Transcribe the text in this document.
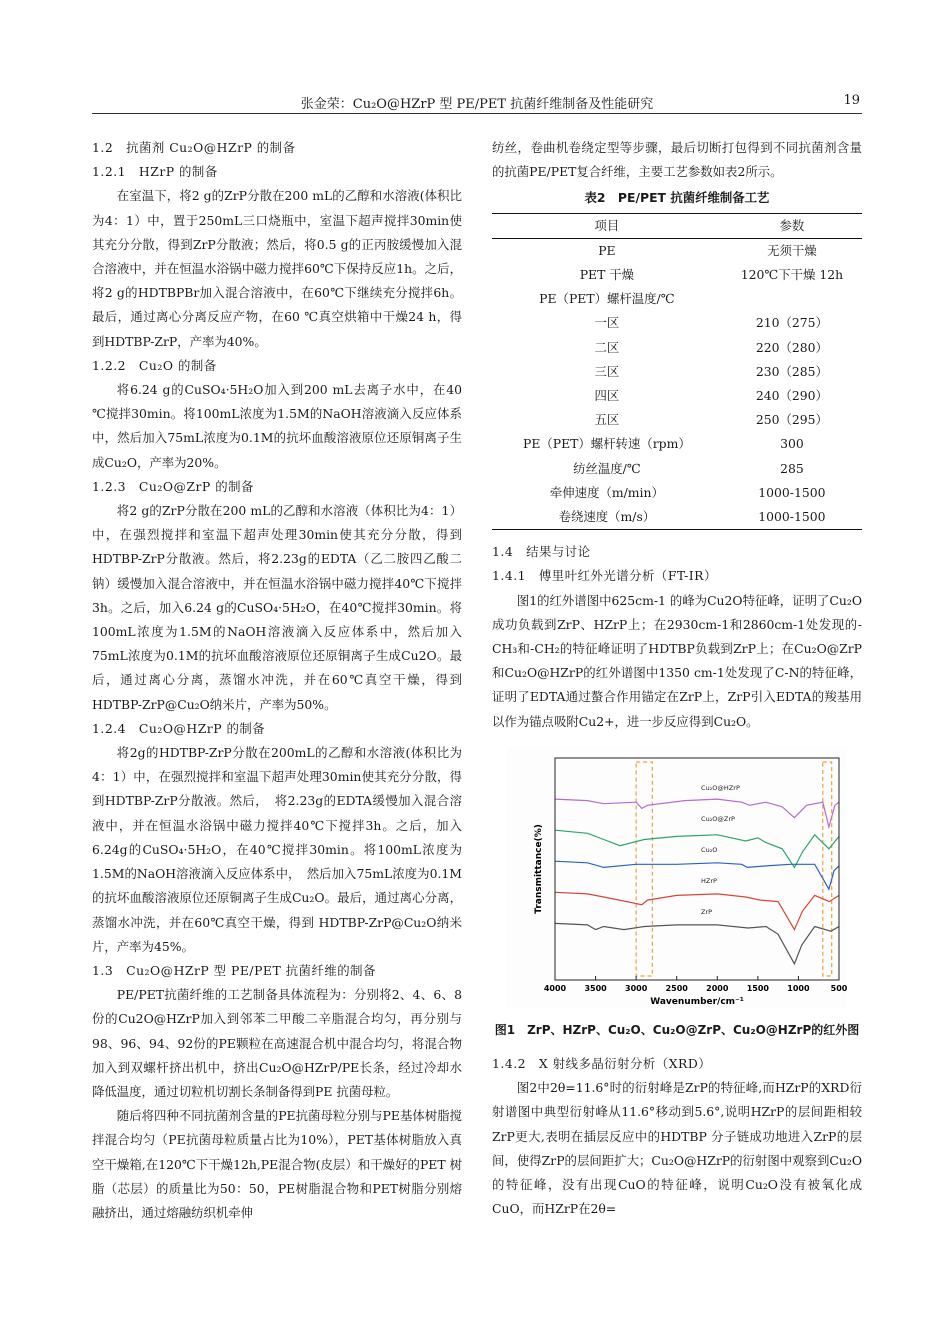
张金荣：Cu₂O@HZrP 型 PE/PET 抗菌纤维制备及性能研究	19
1.2　抗菌剂 Cu₂O@HZrP 的制备
1.2.1　HZrP 的制备

在室温下，将2 g的ZrP分散在200 mL的乙醇和水溶液(体积比为4：1）中，置于250mL三口烧瓶中，室温下超声搅拌30min使其充分分散，得到ZrP分散液；然后，将0.5 g的正丙胺缓慢加入混合溶液中，并在恒温水浴锅中磁力搅拌60℃下保持反应1h。之后，将2 g的HDTBPBr加入混合溶液中，在60℃下继续充分搅拌6h。最后，通过离心分离反应产物，在60 ℃真空烘箱中干燥24 h，得到HDTBP-ZrP，产率为40%。

1.2.2　Cu₂O 的制备

将6.24 g的CuSO₄·5H₂O加入到200 mL去离子水中，在40 ℃搅拌30min。将100mL浓度为1.5M的NaOH溶液滴入反应体系中，然后加入75mL浓度为0.1M的抗坏血酸溶液原位还原铜离子生成Cu₂O，产率为20%。

1.2.3　Cu₂O@ZrP 的制备

将2 g的ZrP分散在200 mL的乙醇和水溶液（体积比为4：1）中，在强烈搅拌和室温下超声处理30min使其充分分散，得到HDTBP-ZrP分散液。然后，将2.23g的EDTA（乙二胺四乙酸二钠）缓慢加入混合溶液中，并在恒温水浴锅中磁力搅拌40℃下搅拌3h。之后，加入6.24 g的CuSO₄·5H₂O，在40℃搅拌30min。将100mL浓度为1.5M的NaOH溶液滴入反应体系中，然后加入75mL浓度为0.1M的抗坏血酸溶液原位还原铜离子生成Cu2O。最后，通过离心分离，蒸馏水冲洗，并在60℃真空干燥，得到HDTBP-ZrP@Cu₂O纳米片，产率为50%。

1.2.4　Cu₂O@HZrP 的制备

将2g的HDTBP-ZrP分散在200mL的乙醇和水溶液(体积比为4：1）中，在强烈搅拌和室温下超声处理30min使其充分分散，得到HDTBP-ZrP分散液。然后，　将2.23g的EDTA缓慢加入混合溶液中，并在恒温水浴锅中磁力搅拌40℃下搅拌3h。之后，加入6.24g的CuSO₄·5H₂O，在40℃搅拌30min。将100mL浓度为1.5M的NaOH溶液滴入反应体系中，　然后加入75mL浓度为0.1M的抗坏血酸溶液原位还原铜离子生成Cu₂O。最后，通过离心分离，蒸馏水冲洗，并在60℃真空干燥，得到 HDTBP-ZrP@Cu₂O纳米片，产率为45%。

1.3　Cu₂O@HZrP 型 PE/PET 抗菌纤维的制备

PE/PET抗菌纤维的工艺制备具体流程为：分别将2、4、6、8份的Cu2O@HZrP加入到邻苯二甲酸二辛脂混合均匀，再分别与98、96、94、92份的PE颗粒在高速混合机中混合均匀，将混合物加入到双螺杆挤出机中，挤出Cu₂O@HZrP/PE长条，经过冷却水降低温度，通过切粒机切割长条制备得到PE 抗菌母粒。

随后将四种不同抗菌剂含量的PE抗菌母粒分别与PE基体树脂搅拌混合均匀（PE抗菌母粒质量占比为10%），PET基体树脂放入真空干燥箱,在120℃下干燥12h,PE混合物(皮层）和干燥好的PET 树脂（芯层）的质量比为50：50，PE树脂混合物和PET树脂分别熔融挤出，通过熔融纺织机牵伸

纺丝，卷曲机卷绕定型等步骤，最后切断打包得到不同抗菌剂含量的抗菌PE/PET复合纤维，主要工艺参数如表2所示。

表2　PE/PET 抗菌纤维制备工艺
项目	参数
PE	无须干燥
PET 干燥	120℃下干燥 12h
PE（PET）螺杆温度/℃	
一区	210（275）
二区	220（280）
三区	230（285）
四区	240（290）
五区	250（295）
PE（PET）螺杆转速（rpm）	300
纺丝温度/℃	285
牵伸速度（m/min）	1000-1500
卷绕速度（m/s）	1000-1500
1.4　结果与讨论
1.4.1　傅里叶红外光谱分析（FT-IR）

图1的红外谱图中625cm-1 的峰为Cu2O特征峰，证明了Cu₂O成功负载到ZrP、HZrP上；在2930cm-1和2860cm-1处发现的-CH₃和-CH₂的特征峰证明了HDTBP负载到ZrP上；在Cu₂O@ZrP和Cu₂O@HZrP的红外谱图中1350 cm-1处发现了C-N的特征峰，证明了EDTA通过螯合作用锚定在ZrP上，ZrP引入EDTA的羧基用以作为锚点吸附Cu2+，进一步反应得到Cu₂O。

4000 3500 3000 2500 2000 1500 1000	500
Cu₂O@HZrP
Cu₂O@ZrP
Cu₂O
HZrP
ZrP
Wavenumber/cm⁻¹
Transmittance(%)
图1　ZrP、HZrP、Cu₂O、Cu₂O@ZrP、Cu₂O@HZrP的红外图
1.4.2　X 射线多晶衍射分析（XRD）

图2中2θ=11.6°时的衍射峰是ZrP的特征峰,而HZrP的XRD衍射谱图中典型衍射峰从11.6°移动到5.6°,说明HZrP的层间距相较ZrP更大,表明在插层反应中的HDTBP 分子链成功地进入ZrP的层间，使得ZrP的层间距扩大；Cu₂O@HZrP的衍射图中观察到Cu₂O的特征峰，没有出现CuO的特征峰，说明Cu₂O没有被氧化成CuO，而HZrP在2θ=
